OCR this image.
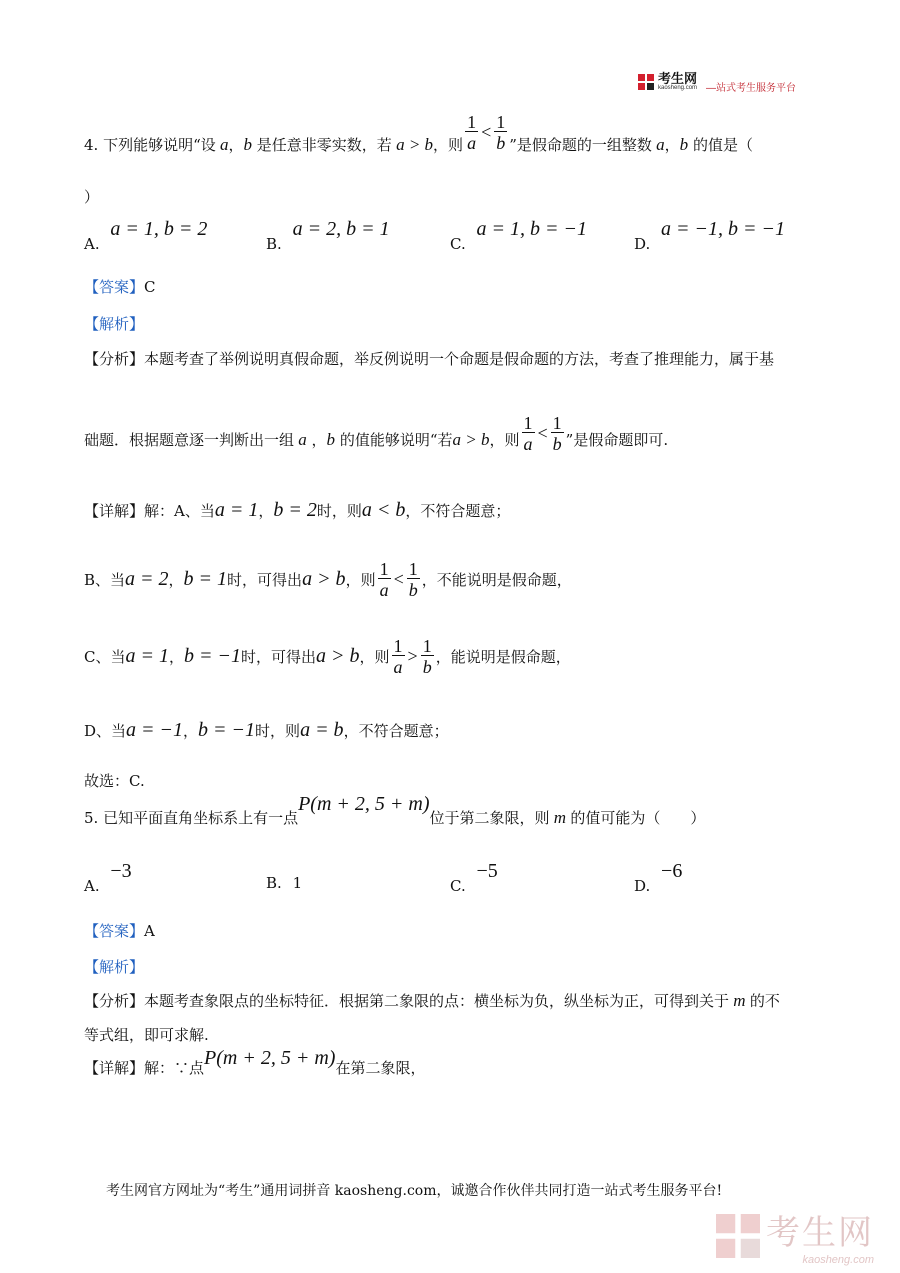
考生网
kaosheng.com —站式考生服务平台
4. 下列能够说明“设 a ， b
是任意非零实数，若 a > b ，则 $\frac{1}{a} < \frac{1}{b}$ ”是假命题的一组整数 a ， b
的值是（
）
A. a = 1, b = 2
B. a = 2, b = 1
C. a = 1, b = −1
D. a = −1, b = −1
【答案】C
【解析】
【分析】本题考查了举例说明真假命题，举反例说明一个命题是假命题的方法，考查了推理能力，属于基
础题．根据题意逐一判断出一组 a ， b
的值能够说明“若 a > b ，则 $\frac{1}{a} < \frac{1}{b}$ ”是假命题即可.
【详解】 解：A、当 a = 1 ， b = 2 时，则 a < b ，不符合题意；
B、当 a = 2 ， b = 1 时，可得出 a > b ，则 $\frac{1}{a} < \frac{1}{b}$ ，不能说明是假命题，
C、当 a = 1 ， b = −1 时，可得出 a > b ，则 $\frac{1}{a} > \frac{1}{b}$ ，能说明是假命题，
D、当 a = −1 ， b = −1 时，则 a = b ，不符合题意；
故选：C.
5. 已知平面直角坐标系上有一点
P(m + 2, 5 + m)
位于第二象限，则 m 的值可能为（　　）
A. −3
B. 1	C. −5
D. −6
【答案】A
【解析】
【分析】本题考查象限点的坐标特征．根据第二象限的点：横坐标为负，纵坐标为正，可得到关于 m 的不
等式组，即可求解.
【详解】 解：∵点 P(m + 2, 5 + m) 在第二象限，
考生网官方网址为“考生”通用词拼音 kaosheng.com，诚邀合作伙伴共同打造一站式考生服务平台!
考生网
kaosheng.com
